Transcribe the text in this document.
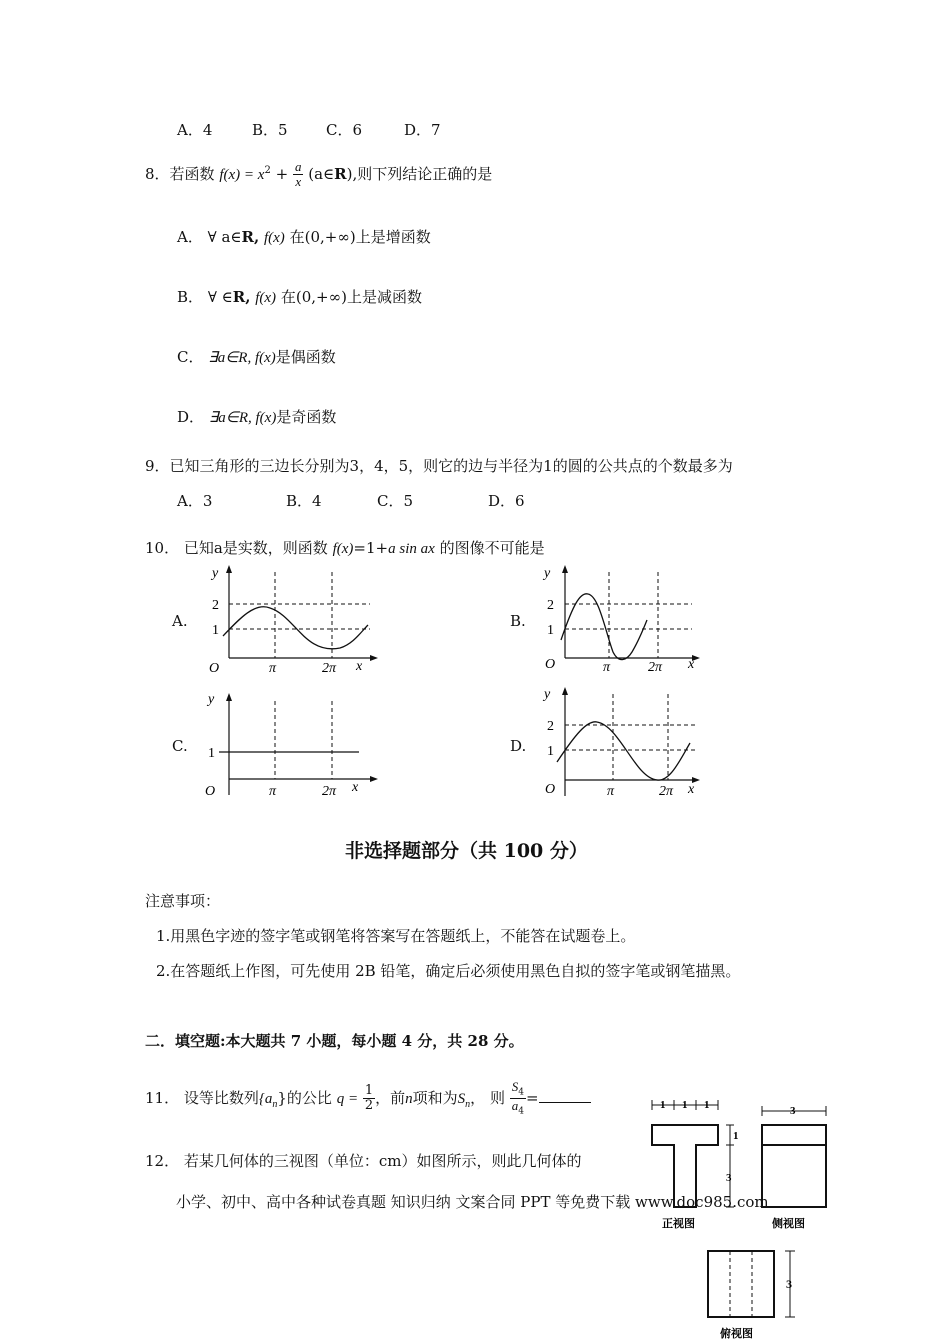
A．4	B．5	C．6	D．7
8．若函数 $f(x) = x^2 + \frac{a}{x}$ (a∈R),则下列结论正确的是
A． ∀ a∈R, f(x) 在(0,+∞)上是增函数
B． ∀ ∈R, f(x) 在(0,+∞)上是减函数
C． ∃a∈R, f(x)是偶函数
D． ∃a∈R, f(x)是奇函数
9．已知三角形的三边长分别为3，4，5，则它的边与半径为1的圆的公共点的个数最多为
A．3	B．4	C．5	D．6
10． 已知a是实数，则函数 f(x)=1+a sin ax 的图像不可能是
A.
y
2
1
O	π	2π x
B.
y
2
1
O	π	2π x
C.
y
1
O	π	2π x
D.
y
2
1
O	π	2π x
非选择题部分（共 100 分）
注意事项：
1.用黑色字迹的签字笔或钢笔将答案写在答题纸上，不能答在试题卷上。
2.在答题纸上作图，可先使用 2B 铅笔，确定后必须使用黑色自拟的签字笔或钢笔描黑。
二．填空题:本大题共 7 小题，每小题 4 分，共 28 分。
11． 设等比数列$\{a_n\}$的公比 $q = \frac{1}{2}$ ，前n项和为$S_n$， 则 $\frac{S_4}{a_4}$ =
12． 若某几何体的三视图（单位：cm）如图所示，则此几何体的
小学、初中、高中各种试卷真题 知识归纳 文案合同 PPT 等免费下载 www.doc985.com
1 1 1
1
3
正视图
3
侧视图
3
俯视图
